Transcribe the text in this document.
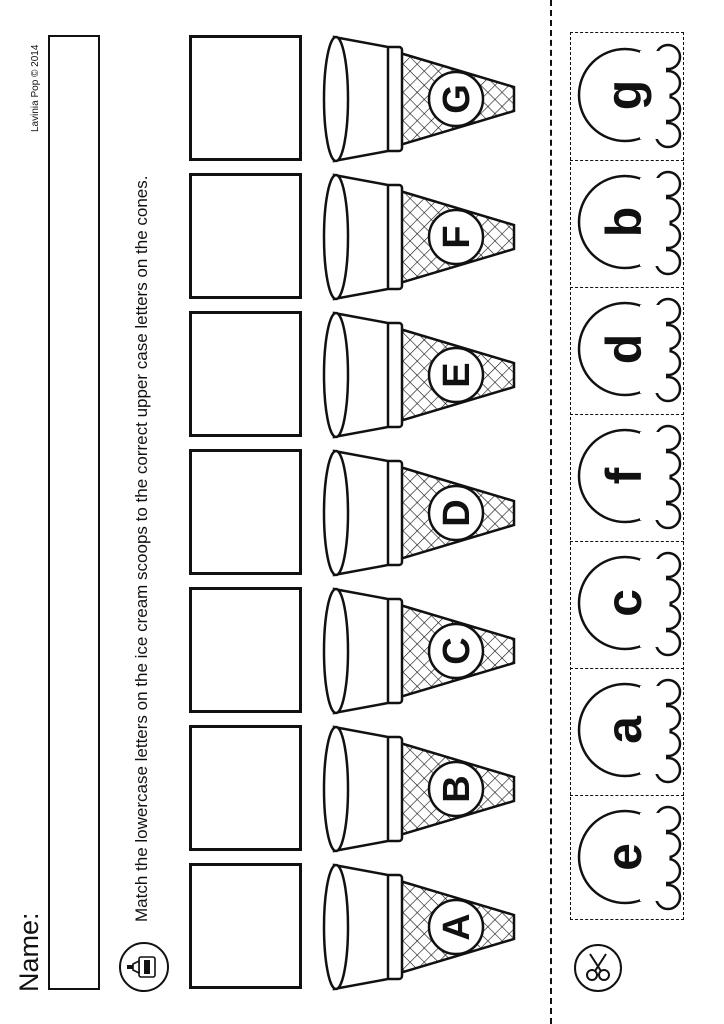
Name:
Lavinia Pop © 2014
Match the lowercase letters on the ice cream scoops to the correct upper case letters on the cones.
A
B
C
D
E
F
G
e
a
c
f
d
b
g
